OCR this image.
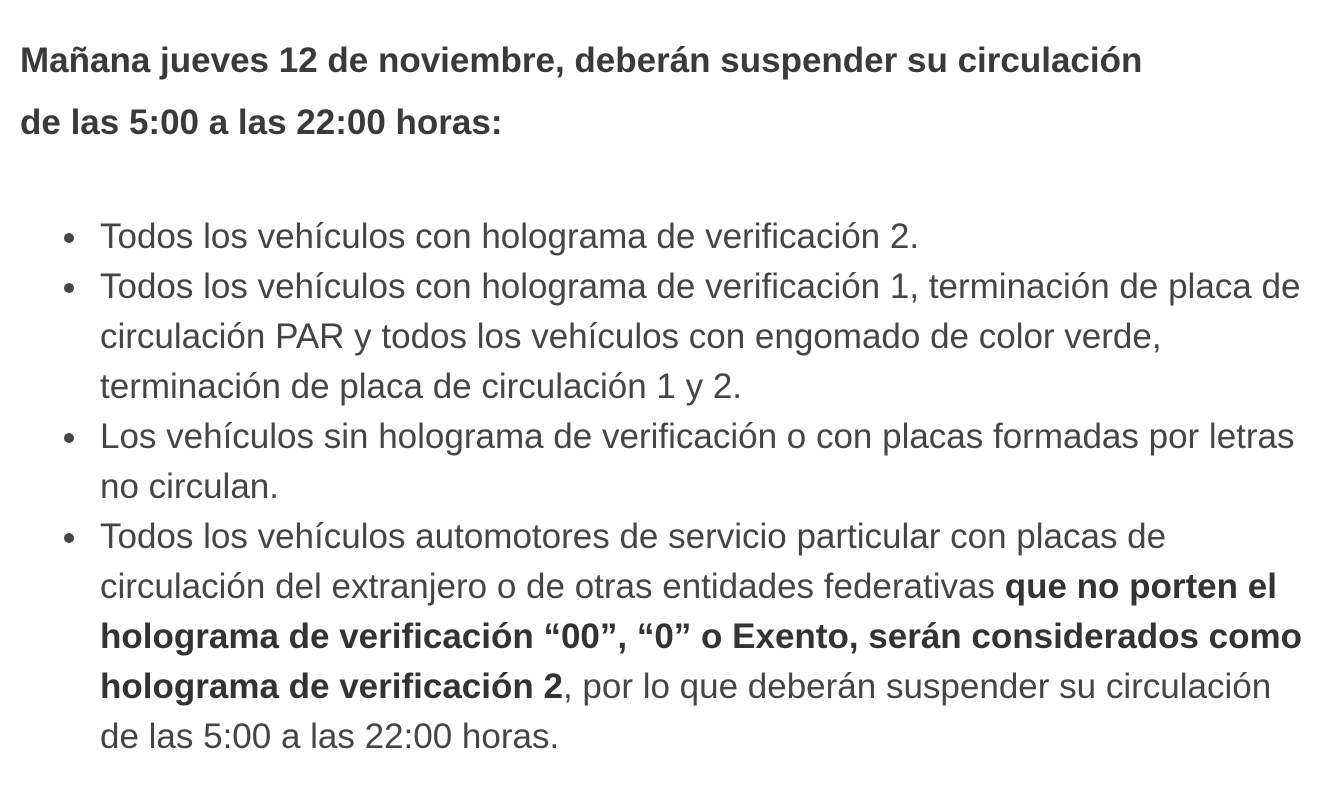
Mañana jueves 12 de noviembre, deberán suspender su circulación
de las 5:00 a las 22:00 horas:
Todos los vehículos con holograma de verificación 2.
Todos los vehículos con holograma de verificación 1, terminación de placa de circulación PAR y todos los vehículos con engomado de color verde, terminación de placa de circulación 1 y 2.
Los vehículos sin holograma de verificación o con placas formadas por letras no circulan.
Todos los vehículos automotores de servicio particular con placas de circulación del extranjero o de otras entidades federativas que no porten el holograma de verificación “00”, “0” o Exento, serán considerados como holograma de verificación 2, por lo que deberán suspender su circulación de las 5:00 a las 22:00 horas.
